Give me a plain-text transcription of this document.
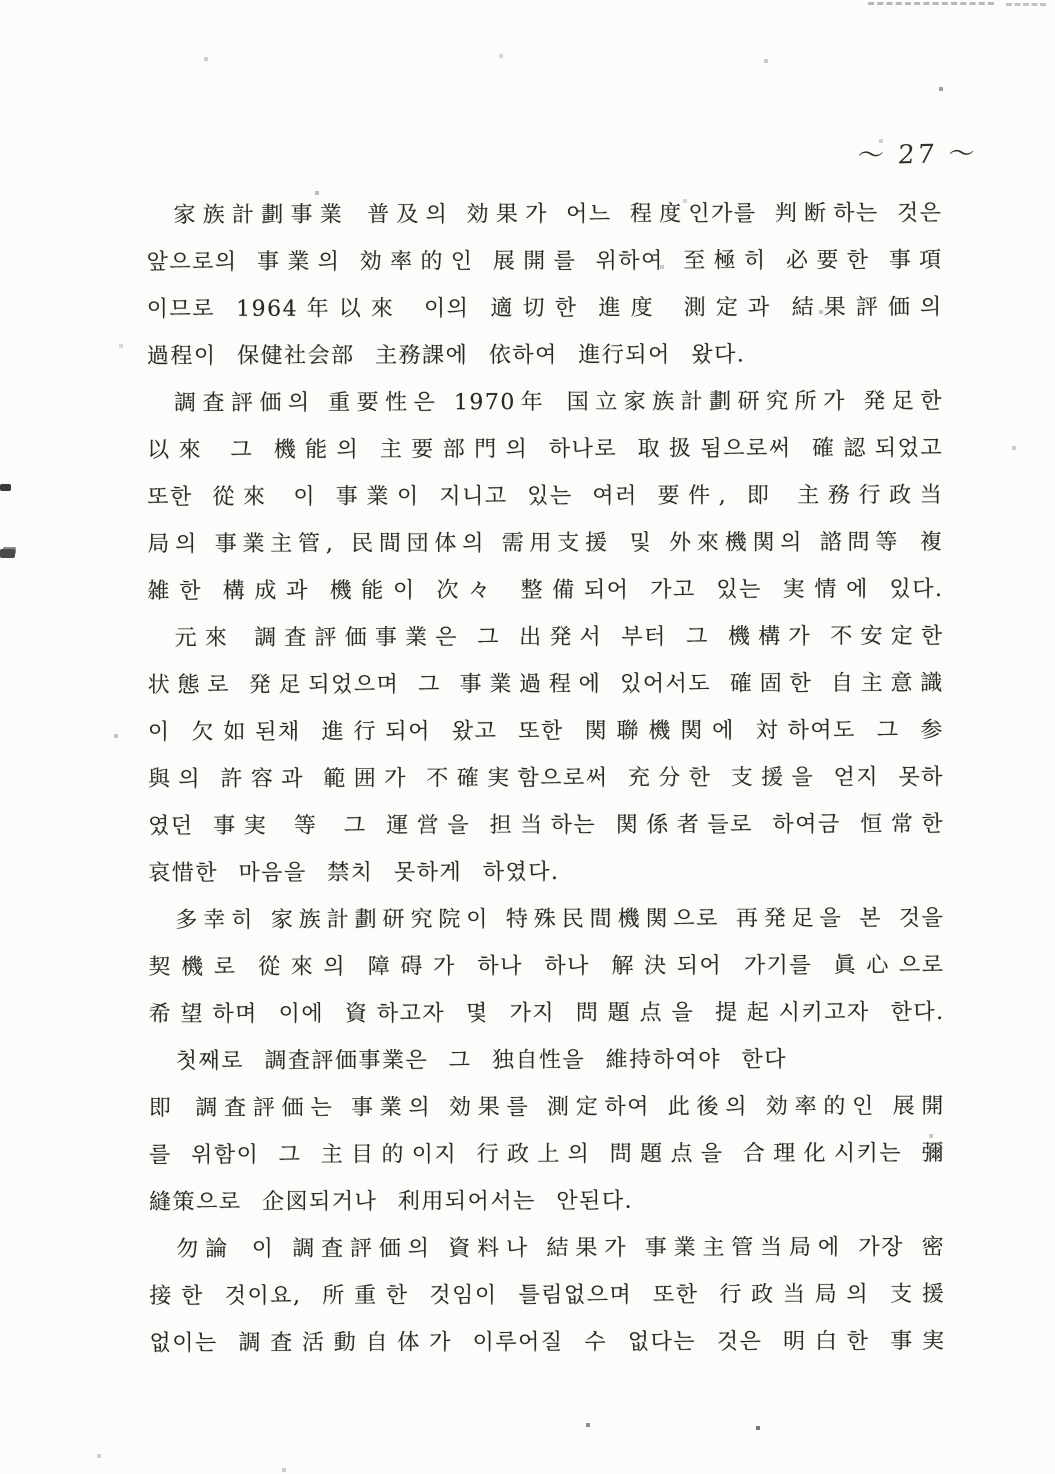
～ 27 ～
家族計劃事業 普及의 効果가 어느 程度인가를 判断하는 것은
앞으로의 事業의 効率的인 展開를 위하여 至極히 必要한 事項
이므로 1964年以來 이의 適切한 進度 測定과 結果評価의
過程이 保健社会部 主務課에 依하여 進行되어 왔다.
調査評価의 重要性은 1970年 国立家族計劃研究所가 発足한
以來 그 機能의 主要部門의 하나로 取扱됨으로써 確認되었고
또한 從來 이 事業이 지니고 있는 여러 要件, 即 主務行政当
局의 事業主管, 民間団体의 需用支援 및 外來機関의 諮問等 複
雑한 構成과 機能이 次々 整備되어 가고 있는 実情에 있다.
元來 調査評価事業은 그 出発서 부터 그 機構가 不安定한
状態로 発足되었으며 그 事業過程에 있어서도 確固한 自主意識
이 欠如된채 進行되어 왔고 또한 関聯機関에 対하여도 그 参
與의 許容과 範囲가 不確実함으로써 充分한 支援을 얻지 못하
였던 事実 等 그 運営을 担当하는 関係者들로 하여금 恒常한
哀惜한 마음을 禁치 못하게 하였다.
多幸히 家族計劃研究院이 特殊民間機関으로 再発足을 본 것을
契機로 從來의 障碍가 하나 하나 解決되어 가기를 眞心으로
希望하며 이에 資하고자 몇 가지 問題点을 提起시키고자 한다.
첫째로 調査評価事業은 그 独自性을 維持하여야 한다
即 調査評価는 事業의 効果를 測定하여 此後의 効率的인 展開
를 위함이 그 主目的이지 行政上의 問題点을 合理化시키는 彌
縫策으로 企図되거나 利用되어서는 안된다.
勿論 이 調査評価의 資料나 結果가 事業主管当局에 가장 密
接한 것이요, 所重한 것임이 틀림없으며 또한 行政当局의 支援
없이는 調査活動自体가 이루어질 수 없다는 것은 明白한 事実
